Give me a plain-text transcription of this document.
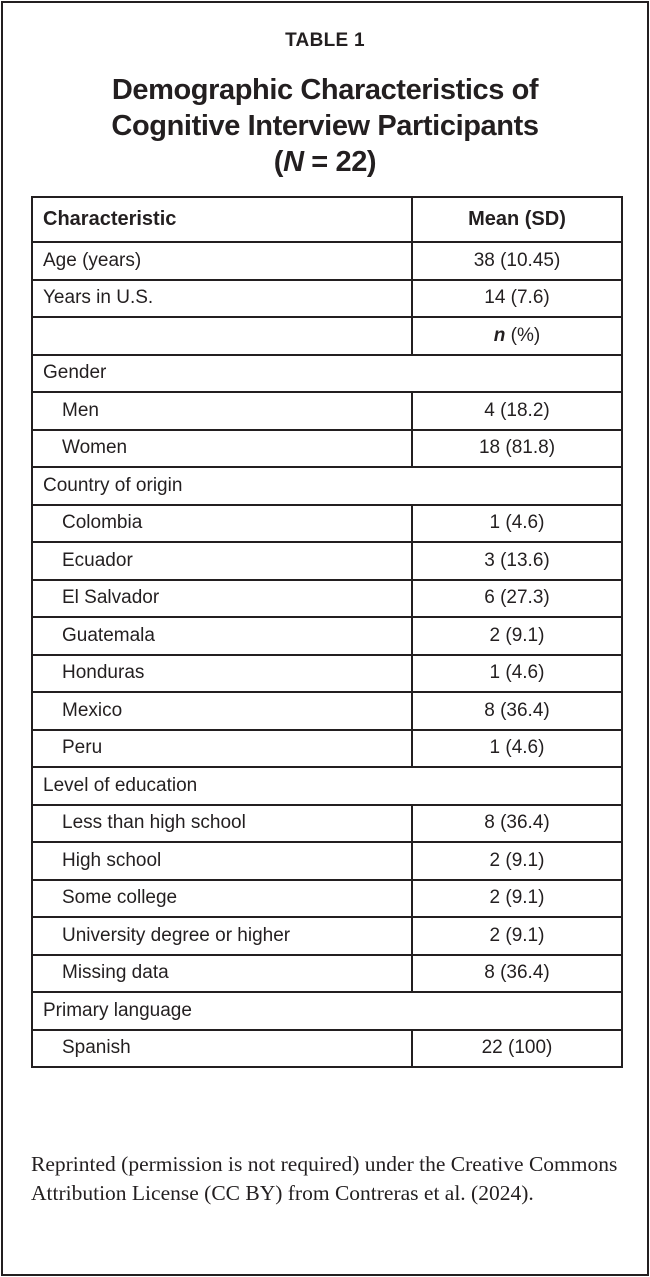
TABLE 1
Demographic Characteristics of
Cognitive Interview Participants
(N = 22)
Characteristic	Mean (SD)
Age (years)	38 (10.45)
Years in U.S.	14 (7.6)
	n (%)
Gender	
Men	4 (18.2)
Women	18 (81.8)
Country of origin	
Colombia	1 (4.6)
Ecuador	3 (13.6)
El Salvador	6 (27.3)
Guatemala	2 (9.1)
Honduras	1 (4.6)
Mexico	8 (36.4)
Peru	1 (4.6)
Level of education	
Less than high school	8 (36.4)
High school	2 (9.1)
Some college	2 (9.1)
University degree or higher	2 (9.1)
Missing data	8 (36.4)
Primary language	
Spanish	22 (100)
Reprinted (permission is not required) under the Creative Commons Attribution License (CC BY) from Contreras et al. (2024).
